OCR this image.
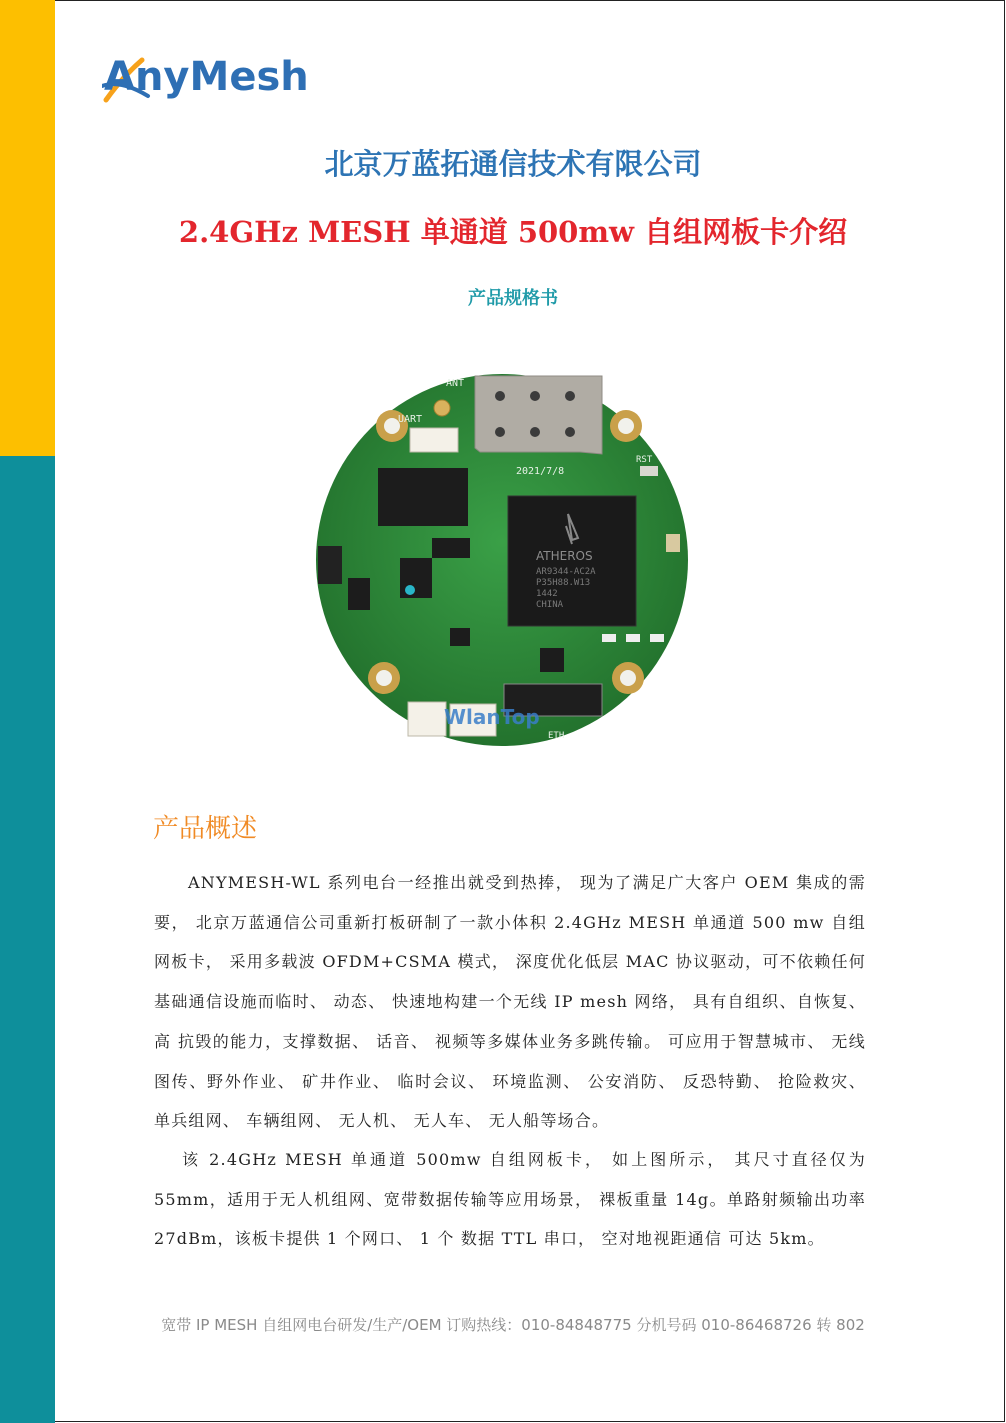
AnyMesh
北京万蓝拓通信技术有限公司
2.4GHz MESH 单通道 500mw 自组网板卡介绍
产品规格书
ANT
UART
ATHEROS
AR9344-AC2A
P35H88.W13
1442
CHINA
2021/7/8
RST
ETH
WlanTop
产品概述

ANYMESH-WL 系列电台一经推出就受到热捧， 现为了满足广大客户 OEM 集成的需要， 北京万蓝通信公司重新打板研制了一款小体积 2.4GHz MESH 单通道 500 mw 自组网板卡， 采用多载波 OFDM+CSMA 模式， 深度优化低层 MAC 协议驱动，可不依赖任何基础通信设施而临时、 动态、 快速地构建一个无线 IP mesh 网络， 具有自组织、自恢复、 高 抗毁的能力，支撑数据、 话音、 视频等多媒体业务多跳传输。 可应用于智慧城市、 无线图传、野外作业、 矿井作业、 临时会议、 环境监测、 公安消防、 反恐特勤、 抢险救灾、 单兵组网、 车辆组网、 无人机、 无人车、 无人船等场合。

该 2.4GHz MESH 单通道 500mw 自组网板卡， 如上图所示， 其尺寸直径仅为 55mm，适用于无人机组网、宽带数据传输等应用场景， 裸板重量 14g。单路射频输出功率 27dBm，该板卡提供 1 个网口、 1 个 数据 TTL 串口， 空对地视距通信 可达 5km。

宽带 IP MESH 自组网电台研发/生产/OEM 订购热线：010-84848775 分机号码 010-86468726 转 802
